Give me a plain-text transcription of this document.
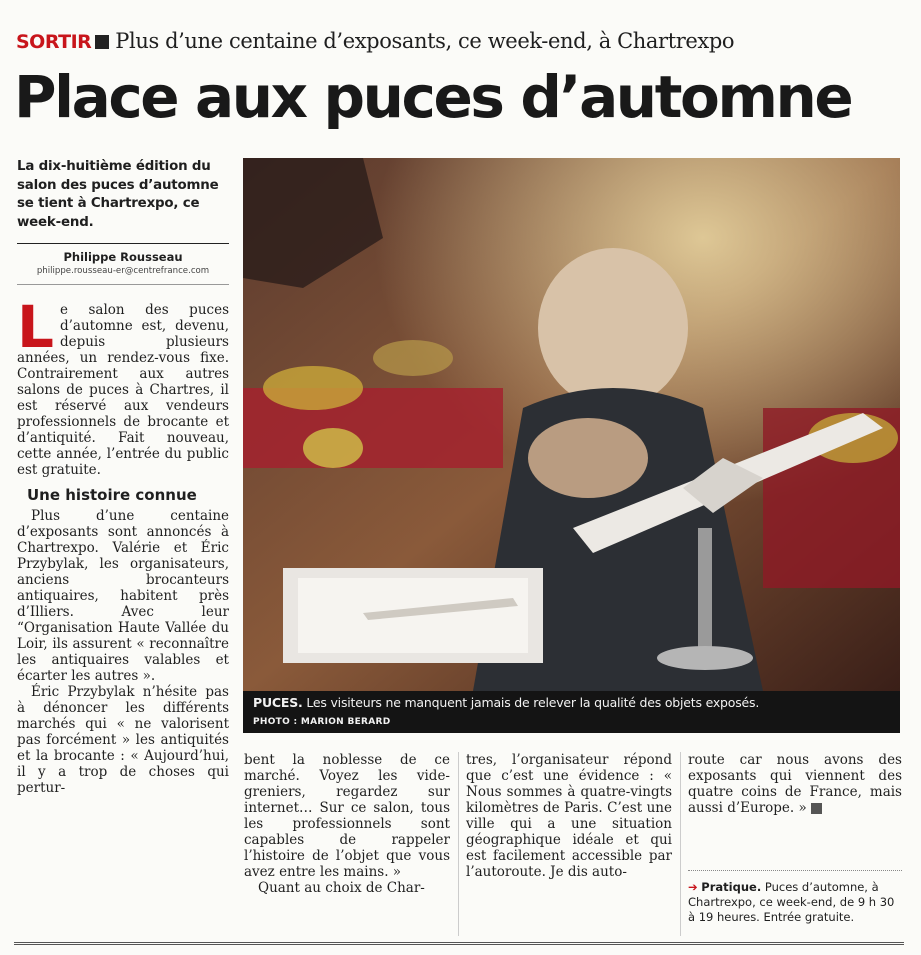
SORTIR Plus d’une centaine d’exposants, ce week-end, à Chartrexpo
Place aux puces d’automne
La dix-huitième édition du salon des puces d’automne se tient à Chartrexpo, ce week-end.
Philippe Rousseau
philippe.rousseau-er@centrefrance.com

Le salon des puces d’automne est, devenu, depuis plusieurs années, un rendez-vous fixe. Contrairement aux autres salons de puces à Chartres, il est réservé aux vendeurs professionnels de brocante et d’antiquité. Fait nouveau, cette année, l’entrée du public est gratuite.

Une histoire connue

Plus d’une centaine d’exposants sont annoncés à Chartrexpo. Valérie et Éric Przybylak, les organisateurs, anciens brocanteurs antiquaires, habitent près d’Illiers. Avec leur “Organisation Haute Vallée du Loir, ils assurent « reconnaître les antiquaires valables et écarter les autres ».

Éric Przybylak n’hésite pas à dénoncer les différents marchés qui « ne valorisent pas forcément » les antiquités et la brocante : « Aujourd’hui, il y a trop de choses qui pertur-

PUCES. Les visiteurs ne manquent jamais de relever la qualité des objets exposés.
PHOTO : MARION BERARD

bent la noblesse de ce marché. Voyez les vide-greniers, regardez sur internet… Sur ce salon, tous les professionnels sont capables de rappeler l’histoire de l’objet que vous avez entre les mains. »

Quant au choix de Char-

tres, l’organisateur répond que c’est une évidence : « Nous sommes à quatre-vingts kilomètres de Paris. C’est une ville qui a une situation géographique idéale et qui est facilement accessible par l’autoroute. Je dis auto-

route car nous avons des exposants qui viennent des quatre coins de France, mais aussi d’Europe. »

➔ Pratique. Puces d’automne, à Chartrexpo, ce week-end, de 9 h 30 à 19 heures. Entrée gratuite.
